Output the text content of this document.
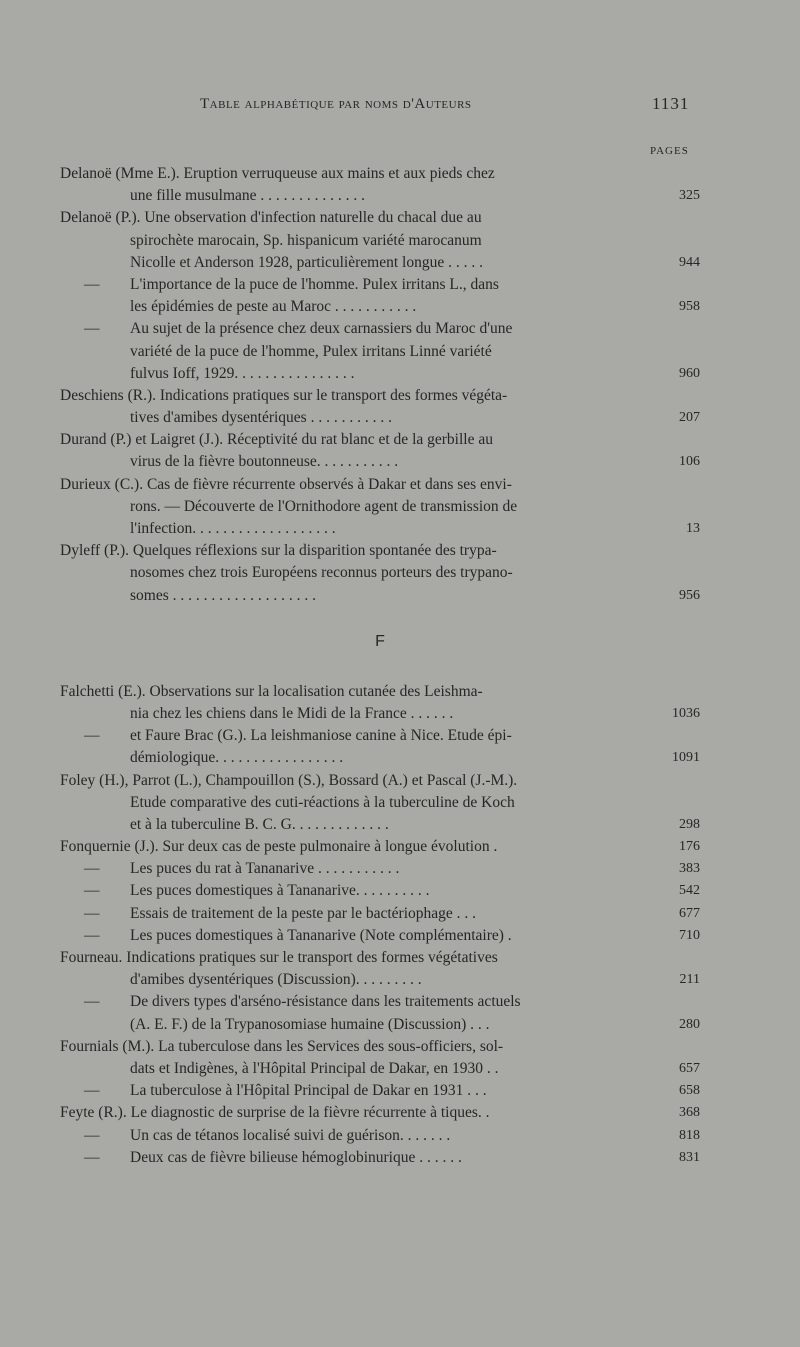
Table alphabétique par noms d'Auteurs	1131
PAGES
Delanoë (Mme E.). Eruption verruqueuse aux mains et aux pieds chez
une fille musulmane . . . . . . . . . . . . . .	325
Delanoë (P.). Une observation d'infection naturelle du chacal due au
spirochète marocain, Sp. hispanicum variété marocanum
Nicolle et Anderson 1928, particulièrement longue . . . . .	944
— L'importance de la puce de l'homme. Pulex irritans L., dans
les épidémies de peste au Maroc . . . . . . . . . . .	958
— Au sujet de la présence chez deux carnassiers du Maroc d'une
variété de la puce de l'homme, Pulex irritans Linné variété
fulvus Ioff, 1929. . . . . . . . . . . . . . . .	960
Deschiens (R.). Indications pratiques sur le transport des formes végéta-
tives d'amibes dysentériques . . . . . . . . . . .	207
Durand (P.) et Laigret (J.). Réceptivité du rat blanc et de la gerbille au
virus de la fièvre boutonneuse. . . . . . . . . . .	106
Durieux (C.). Cas de fièvre récurrente observés à Dakar et dans ses envi-
rons. — Découverte de l'Ornithodore agent de transmission de
l'infection. . . . . . . . . . . . . . . . . . .	13
Dyleff (P.). Quelques réflexions sur la disparition spontanée des trypa-
nosomes chez trois Européens reconnus porteurs des trypano-
somes . . . . . . . . . . . . . . . . . . .	956
F
Falchetti (E.). Observations sur la localisation cutanée des Leishma-
nia chez les chiens dans le Midi de la France . . . . . .	1036
— et Faure Brac (G.). La leishmaniose canine à Nice. Etude épi-
démiologique. . . . . . . . . . . . . . . . .	1091
Foley (H.), Parrot (L.), Champouillon (S.), Bossard (A.) et Pascal (J.-M.).
Etude comparative des cuti-réactions à la tuberculine de Koch
et à la tuberculine B. C. G. . . . . . . . . . . . .	298
Fonquernie (J.). Sur deux cas de peste pulmonaire à longue évolution .	176
— Les puces du rat à Tananarive . . . . . . . . . . .	383
— Les puces domestiques à Tananarive. . . . . . . . . .	542
— Essais de traitement de la peste par le bactériophage . . .	677
— Les puces domestiques à Tananarive (Note complémentaire) .	710
Fourneau. Indications pratiques sur le transport des formes végétatives
d'amibes dysentériques (Discussion). . . . . . . . .	211
— De divers types d'arséno-résistance dans les traitements actuels
(A. E. F.) de la Trypanosomiase humaine (Discussion) . . .	280
Fournials (M.). La tuberculose dans les Services des sous-officiers, sol-
dats et Indigènes, à l'Hôpital Principal de Dakar, en 1930 . .	657
— La tuberculose à l'Hôpital Principal de Dakar en 1931 . . .	658
Feyte (R.). Le diagnostic de surprise de la fièvre récurrente à tiques. .	368
— Un cas de tétanos localisé suivi de guérison. . . . . . .	818
— Deux cas de fièvre bilieuse hémoglobinurique . . . . . .	831
